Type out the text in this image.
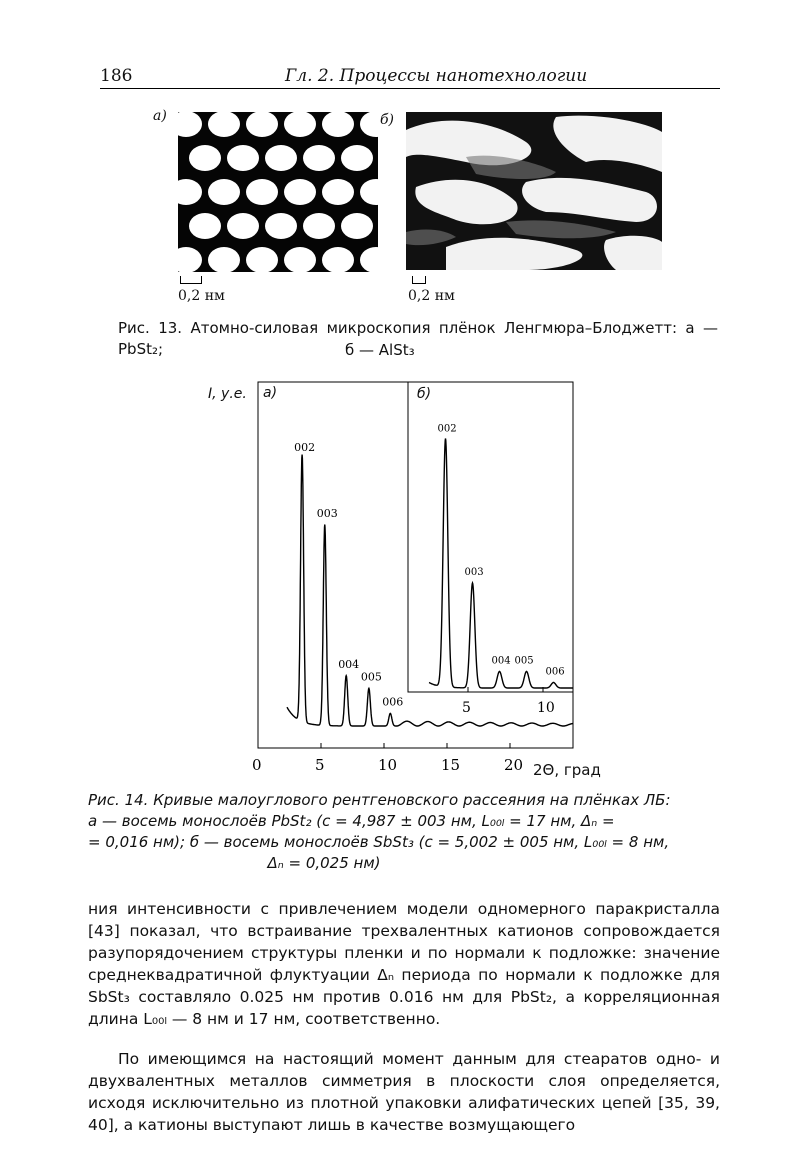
186	Гл. 2. Процессы нанотехнологии
а)
0,2 нм
б)
0,2 нм
Рис. 13. Атомно-силовая микроскопия плёнок Ленгмюра–Блоджетт: а — PbSt₂;	б — AlSt₃
I, у.е.
002
003
004
005
006
0	5	10	15	20
002
003
004 005
006
5	10
а)	б)
2Θ, град
Рис. 14. Кривые малоуглового рентгеновского рассеяния на плёнках ЛБ:
а — восемь монослоёв PbSt₂ (c = 4,987 ± 003 нм, L₀₀ₗ = 17 нм, Δₙ =
= 0,016 нм); б — восемь монослоёв SbSt₃ (c = 5,002 ± 005 нм, L₀₀ₗ = 8 нм,
Δₙ = 0,025 нм)
ния интенсивности с привлечением модели одномерного паракристалла [43] показал, что встраивание трехвалентных катионов сопровождается разупорядочением структуры пленки и по нормали к подложке: значение среднеквадратичной флуктуации Δₙ периода по нормали к подложке для SbSt₃ составляло 0.025 нм против 0.016 нм для PbSt₂, а корреляционная длина L₀₀ₗ — 8 нм и 17 нм, соответственно.
По имеющимся на настоящий момент данным для стеаратов одно- и двухвалентных металлов симметрия в плоскости слоя определяется, исходя исключительно из плотной упаковки алифатических цепей [35, 39, 40], а катионы выступают лишь в качестве возмущающего
